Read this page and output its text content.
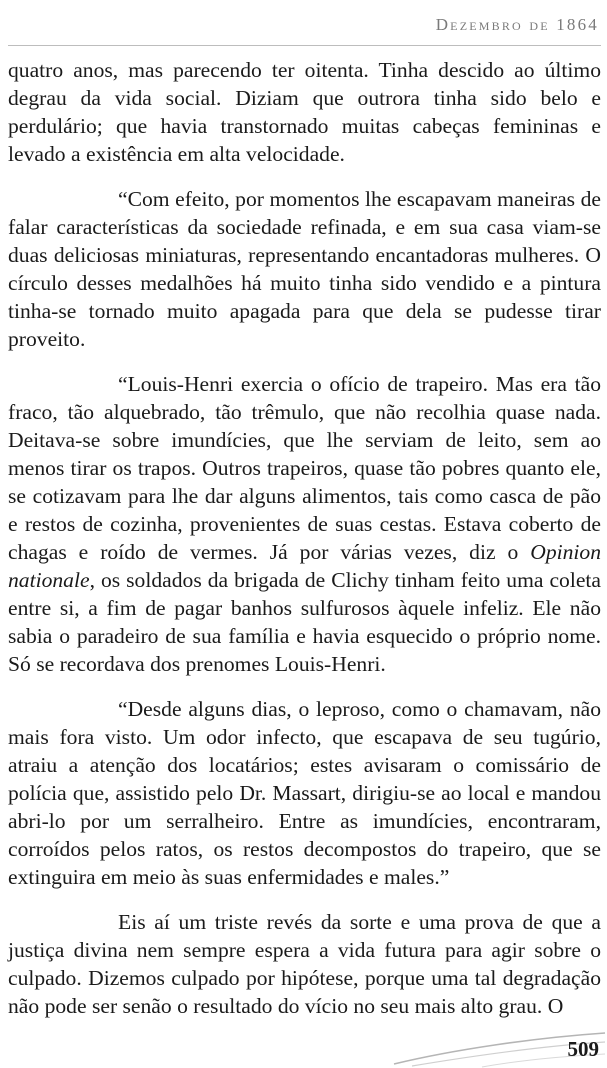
Dezembro de 1864

quatro anos, mas parecendo ter oitenta. Tinha descido ao último degrau da vida social. Diziam que outrora tinha sido belo e perdulário; que havia transtornado muitas cabeças femininas e levado a existência em alta velocidade.

“Com efeito, por momentos lhe escapavam maneiras de falar características da sociedade refinada, e em sua casa viam-se duas deliciosas miniaturas, representando encantadoras mulheres. O círculo desses medalhões há muito tinha sido vendido e a pintura tinha-se tornado muito apagada para que dela se pudesse tirar proveito.

“Louis-Henri exercia o ofício de trapeiro. Mas era tão fraco, tão alquebrado, tão trêmulo, que não recolhia quase nada. Deitava-se sobre imundícies, que lhe serviam de leito, sem ao menos tirar os trapos. Outros trapeiros, quase tão pobres quanto ele, se cotizavam para lhe dar alguns alimentos, tais como casca de pão e restos de cozinha, provenientes de suas cestas. Estava coberto de chagas e roído de vermes. Já por várias vezes, diz o Opinion nationale, os soldados da brigada de Clichy tinham feito uma coleta entre si, a fim de pagar banhos sulfurosos àquele infeliz. Ele não sabia o paradeiro de sua família e havia esquecido o próprio nome. Só se recordava dos prenomes Louis-Henri.

“Desde alguns dias, o leproso, como o chamavam, não mais fora visto. Um odor infecto, que escapava de seu tugúrio, atraiu a atenção dos locatários; estes avisaram o comissário de polícia que, assistido pelo Dr. Massart, dirigiu-se ao local e mandou abri-lo por um serralheiro. Entre as imundícies, encontraram, corroídos pelos ratos, os restos decompostos do trapeiro, que se extinguira em meio às suas enfermidades e males.”

Eis aí um triste revés da sorte e uma prova de que a justiça divina nem sempre espera a vida futura para agir sobre o culpado. Dizemos culpado por hipótese, porque uma tal degradação não pode ser senão o resultado do vício no seu mais alto grau. O

509
